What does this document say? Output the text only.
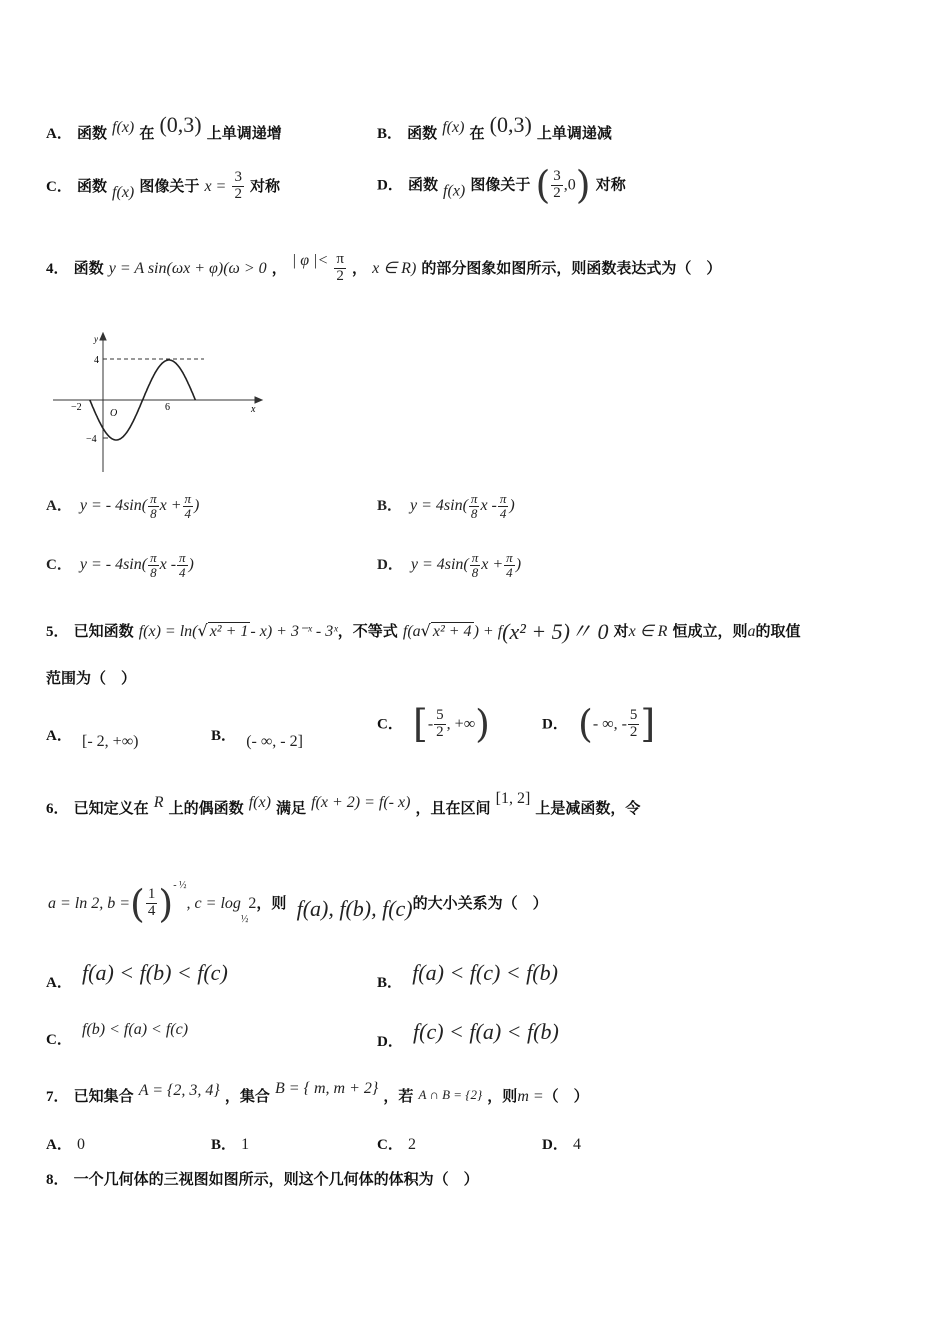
A． 函数 f(x) 在 (0,3) 上单调递增	B． 函数 f(x) 在 (0,3) 上单调递减
C． 函数 f(x) 图像关于 $x = \frac{3}{2}$ 对称	D． 函数 f(x) 图像关于 ( $\frac{3}{2} ,0$) 对称
4． 函数 y = A sin(ωx + φ)(ω > 0 ， | φ |< $\frac{\pi}{2}$ ， x ∈ R) 的部分图象如图所示，则函数表达式为（　）
y
x
O
4
−4
−2	6
A． y = - $4\sin( \frac{\pi}{8}$ $x + \frac{\pi}{4}$ )	B． $y = 4\sin( \frac{\pi}{8}$ x - $\frac{\pi}{4}$ )
C． y = - $4\sin( \frac{\pi}{8}$ x - $\frac{\pi}{4}$ )	D． $y = 4\sin( \frac{\pi}{8}$ $x + \frac{\pi}{4}$ )
5． 已知函数 f(x) = ln(√ x² + 1 - x) + 3⁻ˣ - 3ˣ，不等式 f(a√ x² + 4 ) + f(x² + 5)〃 0 对x ∈ R 恒成立，则a的取值
范围为（　）
A． [- 2, +∞)	B． (- ∞, - 2]
C． [- $\frac{5}{2}$ , +∞)	D． (- ∞, - $\frac{5}{2}$ ]
6． 已知定义在 R 上的偶函数 f(x) 满足 f(x + 2) = f(- x) ，且在区间 [1, 2] 上是减函数，令
a = ln 2, b =( $\frac{1}{4} )^{- \frac{1}{2}}$, $c = \log_{\frac{1}{2}}2$，则 f(a), f(b), f(c)的大小关系为（　）
A． f(a) < f(b) < f(c)	B． f(a) < f(c) < f(b)
C．  f(b) < f(a) < f(c)
D． f(c) < f(a) < f(b)
7． 已知集合 A = {2, 3, 4} ，集合 B = { m, m + 2} ，若 A ∩ B = {2} ，则m =（　）
A． 0	B． 1	C． 2	D． 4
8． 一个几何体的三视图如图所示，则这个几何体的体积为（　）
